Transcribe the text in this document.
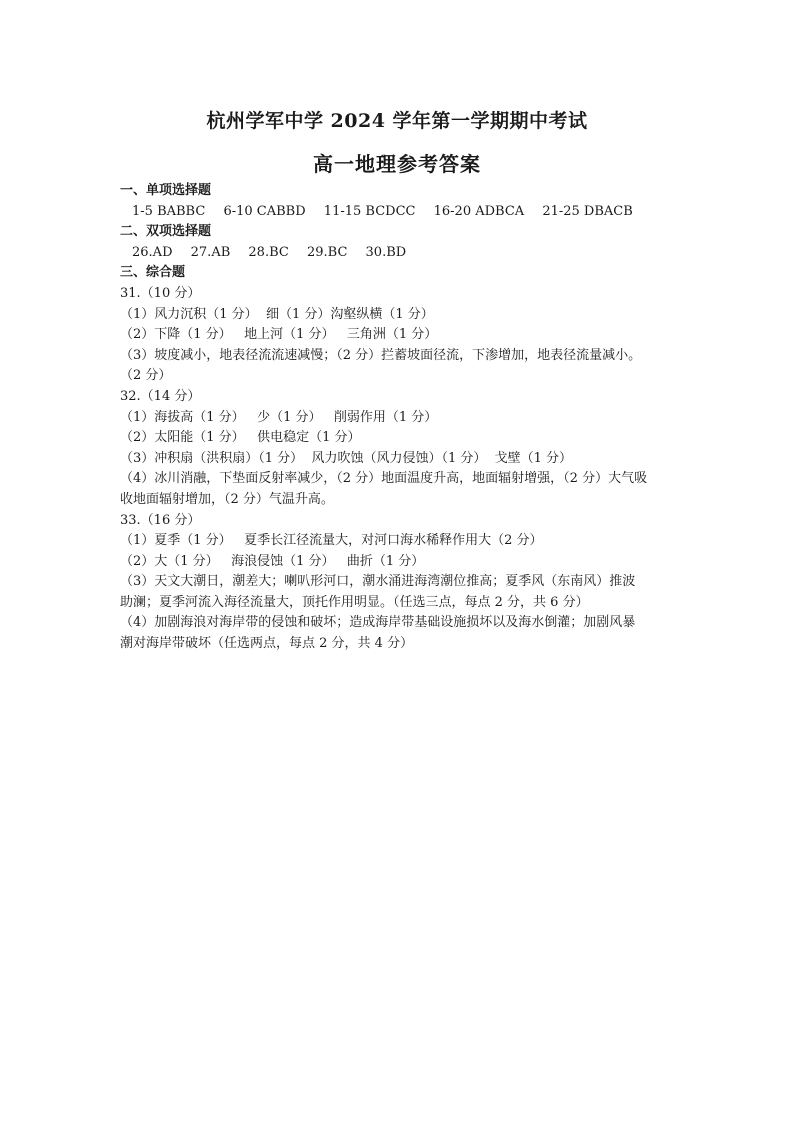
杭州学军中学 2024 学年第一学期期中考试
高一地理参考答案
一、单项选择题
1-5 BABBC 6-10 CABBD 11-15 BCDCC 16-20 ADBCA 21-25 DBACB
二、双项选择题
26.AD 27.AB 28.BC 29.BC 30.BD
三、综合题
31.（10 分）
（1）风力沉积（1 分）  细（1 分）沟壑纵横（1 分）
（2）下降（1 分）   地上河（1 分）   三角洲（1 分）
（3）坡度减小，地表径流流速减慢；（2 分）拦蓄坡面径流，下渗增加，地表径流量减小。
（2 分）
32.（14 分）
（1）海拔高（1 分）   少（1 分）   削弱作用（1 分）
（2）太阳能（1 分）   供电稳定（1 分）
（3）冲积扇（洪积扇）（1 分）  风力吹蚀（风力侵蚀）（1 分）  戈壁（1 分）
（4）冰川消融，下垫面反射率减少，（2 分）地面温度升高，地面辐射增强，（2 分）大气吸
收地面辐射增加，（2 分）气温升高。
33.（16 分）
（1）夏季（1 分）   夏季长江径流量大，对河口海水稀释作用大（2 分）
（2）大（1 分）   海浪侵蚀（1 分）   曲折（1 分）
（3）天文大潮日，潮差大；喇叭形河口，潮水涌进海湾潮位推高；夏季风（东南风）推波
助澜；夏季河流入海径流量大，顶托作用明显。（任选三点，每点 2 分，共 6 分）
（4）加剧海浪对海岸带的侵蚀和破坏；造成海岸带基础设施损坏以及海水倒灌；加剧风暴
潮对海岸带破坏（任选两点，每点 2 分，共 4 分）
